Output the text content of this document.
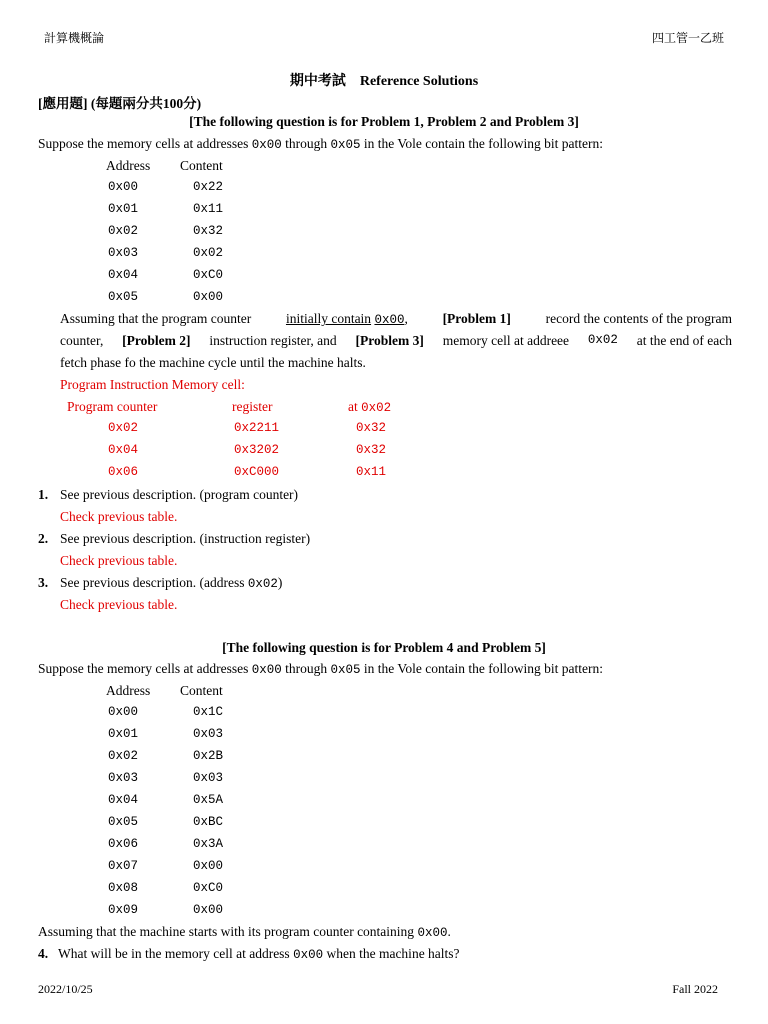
計算機概論	四工管一乙班
期中考試　Reference Solutions
[應用題] (每題兩分共100分)
[The following question is for Problem 1, Problem 2 and Problem 3]
Suppose the memory cells at addresses 0x00 through 0x05 in the Vole contain the following bit pattern:
Address Content
0x00	0x22
0x01	0x11
0x02	0x32
0x03	0x02
0x04	0xC0
0x05	0x00
Assuming that the program counter	initially contain 0x00,	[Problem 1]	record the contents of the program
counter, [Problem 2] instruction register, and [Problem 3] memory cell at addreee 0x02 at the end of each
fetch phase fo the machine cycle until the machine halts.
Program Instruction Memory cell:
Program counter	register	at 0x02
0x02	0x2211	0x32
0x04	0x3202	0x32
0x06	0xC000	0x11
1. See previous description. (program counter)
Check previous table.
2. See previous description. (instruction register)
Check previous table.
3. See previous description. (address 0x02)
Check previous table.
[The following question is for Problem 4 and Problem 5]
Suppose the memory cells at addresses 0x00 through 0x05 in the Vole contain the following bit pattern:
Address Content
0x00	0x1C
0x01	0x03
0x02	0x2B
0x03	0x03
0x04	0x5A
0x05	0xBC
0x06	0x3A
0x07	0x00
0x08	0xC0
0x09	0x00
Assuming that the machine starts with its program counter containing 0x00.
4. What will be in the memory cell at address 0x00 when the machine halts?
2022/10/25	Fall 2022
